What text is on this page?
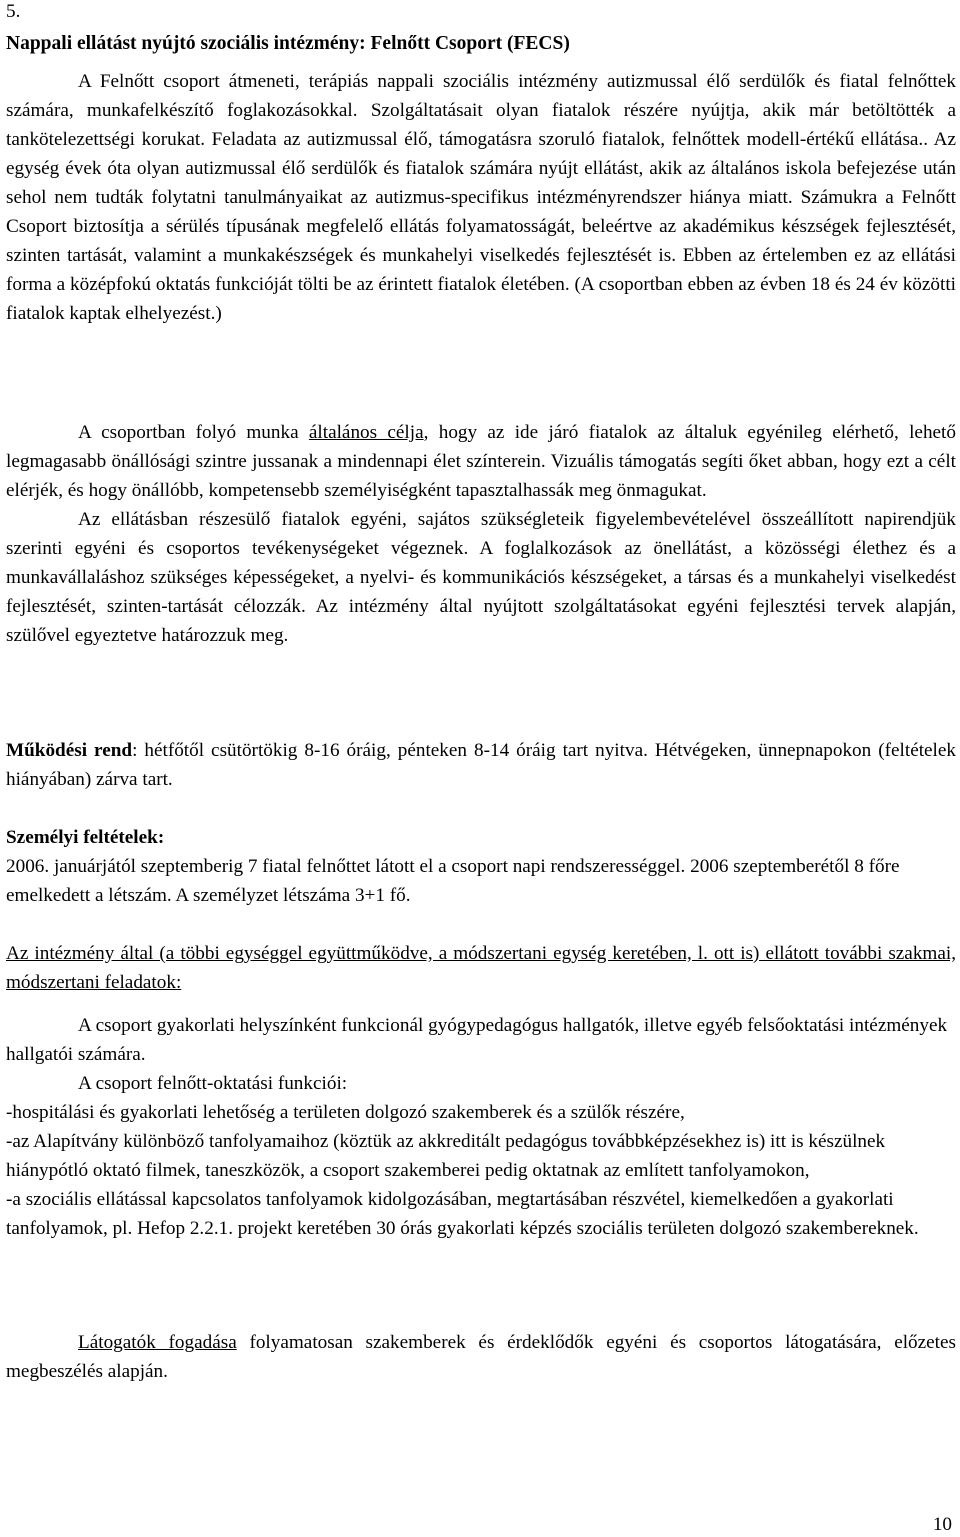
5.
Nappali ellátást nyújtó szociális intézmény: Felnőtt Csoport (FECS)

A Felnőtt csoport átmeneti, terápiás nappali szociális intézmény autizmussal élő serdülők és fiatal felnőttek számára, munkafelkészítő foglakozásokkal. Szolgáltatásait olyan fiatalok részére nyújtja, akik már betöltötték a tankötelezettségi korukat. Feladata az autizmussal élő, támogatásra szoruló fiatalok, felnőttek modell-értékű ellátása.. Az egység évek óta olyan autizmussal élő serdülők és fiatalok számára nyújt ellátást, akik az általános iskola befejezése után sehol nem tudták folytatni tanulmányaikat az autizmus-specifikus intézményrendszer hiánya miatt. Számukra a Felnőtt Csoport biztosítja a sérülés típusának megfelelő ellátás folyamatosságát, beleértve az akadémikus készségek fejlesztését, szinten tartását, valamint a munkakészségek és munkahelyi viselkedés fejlesztését is. Ebben az értelemben ez az ellátási forma a középfokú oktatás funkcióját tölti be az érintett fiatalok életében. (A csoportban ebben az évben 18 és 24 év közötti fiatalok kaptak elhelyezést.)

A csoportban folyó munka általános célja, hogy az ide járó fiatalok az általuk egyénileg elérhető, lehető legmagasabb önállósági szintre jussanak a mindennapi élet színterein. Vizuális támogatás segíti őket abban, hogy ezt a célt elérjék, és hogy önállóbb, kompetensebb személyiségként tapasztalhassák meg önmagukat.

Az ellátásban részesülő fiatalok egyéni, sajátos szükségleteik figyelembevételével összeállított napirendjük szerinti egyéni és csoportos tevékenységeket végeznek. A foglalkozások az önellátást, a közösségi élethez és a munkavállaláshoz szükséges képességeket, a nyelvi- és kommunikációs készségeket, a társas és a munkahelyi viselkedést fejlesztését, szinten-tartását célozzák. Az intézmény által nyújtott szolgáltatásokat egyéni fejlesztési tervek alapján, szülővel egyeztetve határozzuk meg.

Működési rend: hétfőtől csütörtökig 8-16 óráig, pénteken 8-14 óráig tart nyitva. Hétvégeken, ünnepnapokon (feltételek hiányában) zárva tart.

Személyi feltételek:

2006. januárjától szeptemberig 7 fiatal felnőttet látott el a csoport napi rendszerességgel. 2006 szeptemberétől 8 főre emelkedett a létszám. A személyzet létszáma 3+1 fő.

Az intézmény által (a többi egységgel együttműködve, a módszertani egység keretében, l. ott is) ellátott további szakmai, módszertani feladatok:

A csoport gyakorlati helyszínként funkcionál gyógypedagógus hallgatók, illetve egyéb felsőoktatási intézmények hallgatói számára.

A csoport felnőtt-oktatási funkciói:

-hospitálási és gyakorlati lehetőség a területen dolgozó szakemberek és a szülők részére,

-az Alapítvány különböző tanfolyamaihoz (köztük az akkreditált pedagógus továbbképzésekhez is) itt is készülnek hiánypótló oktató filmek, taneszközök, a csoport szakemberei pedig oktatnak az említett tanfolyamokon,

-a szociális ellátással kapcsolatos tanfolyamok kidolgozásában, megtartásában részvétel, kiemelkedően a gyakorlati tanfolyamok, pl. Hefop 2.2.1. projekt keretében 30 órás gyakorlati képzés szociális területen dolgozó szakembereknek.

Látogatók fogadása folyamatosan szakemberek és érdeklődők egyéni és csoportos látogatására, előzetes megbeszélés alapján.

10
